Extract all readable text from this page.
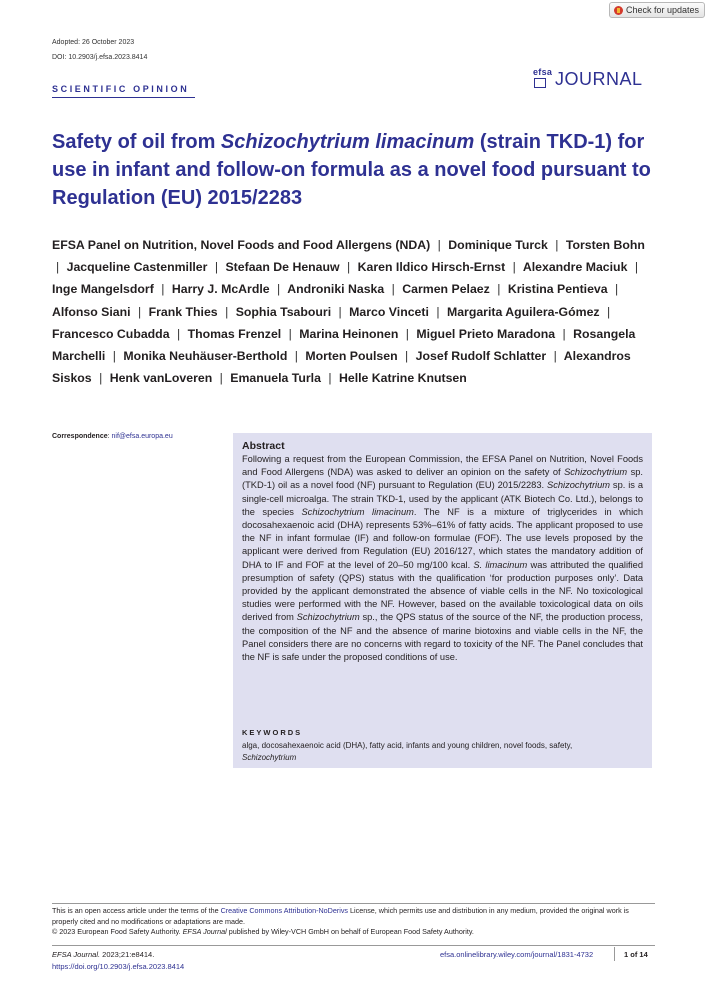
Check for updates
Adopted: 26 October 2023
DOI: 10.2903/j.efsa.2023.8414
SCIENTIFIC OPINION
efsa JOURNAL
Safety of oil from Schizochytrium limacinum (strain TKD-1) for use in infant and follow-on formula as a novel food pursuant to Regulation (EU) 2015/2283
EFSA Panel on Nutrition, Novel Foods and Food Allergens (NDA) | Dominique Turck | Torsten Bohn | Jacqueline Castenmiller | Stefaan De Henauw | Karen Ildico Hirsch-Ernst | Alexandre Maciuk | Inge Mangelsdorf | Harry J. McArdle | Androniki Naska | Carmen Pelaez | Kristina Pentieva | Alfonso Siani | Frank Thies | Sophia Tsabouri | Marco Vinceti | Margarita Aguilera-Gómez | Francesco Cubadda | Thomas Frenzel | Marina Heinonen | Miguel Prieto Maradona | Rosangela Marchelli | Monika Neuhäuser-Berthold | Morten Poulsen | Josef Rudolf Schlatter | Alexandros Siskos | Henk vanLoveren | Emanuela Turla | Helle Katrine Knutsen
Correspondence: nif@efsa.europa.eu
Abstract
Following a request from the European Commission, the EFSA Panel on Nutrition, Novel Foods and Food Allergens (NDA) was asked to deliver an opinion on the safety of Schizochytrium sp. (TKD-1) oil as a novel food (NF) pursuant to Regulation (EU) 2015/2283. Schizochytrium sp. is a single-cell microalga. The strain TKD-1, used by the applicant (ATK Biotech Co. Ltd.), belongs to the species Schizochytrium limacinum. The NF is a mixture of triglycerides in which docosahexaenoic acid (DHA) represents 53%–61% of fatty acids. The applicant proposed to use the NF in infant formulae (IF) and follow-on formulae (FOF). The use levels proposed by the applicant were derived from Regulation (EU) 2016/127, which states the mandatory addition of DHA to IF and FOF at the level of 20–50 mg/100 kcal. S. limacinum was attributed the qualified presumption of safety (QPS) status with the qualification ‘for production purposes only’. Data provided by the applicant demonstrated the absence of viable cells in the NF. No toxicological studies were performed with the NF. However, based on the available toxicological data on oils derived from Schizochytrium sp., the QPS status of the source of the NF, the production process, the composition of the NF and the absence of marine biotoxins and viable cells in the NF, the Panel considers there are no concerns with regard to toxicity of the NF. The Panel concludes that the NF is safe under the proposed conditions of use.
KEYWORDS
alga, docosahexaenoic acid (DHA), fatty acid, infants and young children, novel foods, safety,
Schizochytrium
This is an open access article under the terms of the Creative Commons Attribution-NoDerivs License, which permits use and distribution in any medium, provided the original work is properly cited and no modifications or adaptations are made.
© 2023 European Food Safety Authority. EFSA Journal published by Wiley-VCH GmbH on behalf of European Food Safety Authority.
EFSA Journal. 2023;21:e8414.
https://doi.org/10.2903/j.efsa.2023.8414
efsa.onlinelibrary.wiley.com/journal/1831-4732	1 of 14
